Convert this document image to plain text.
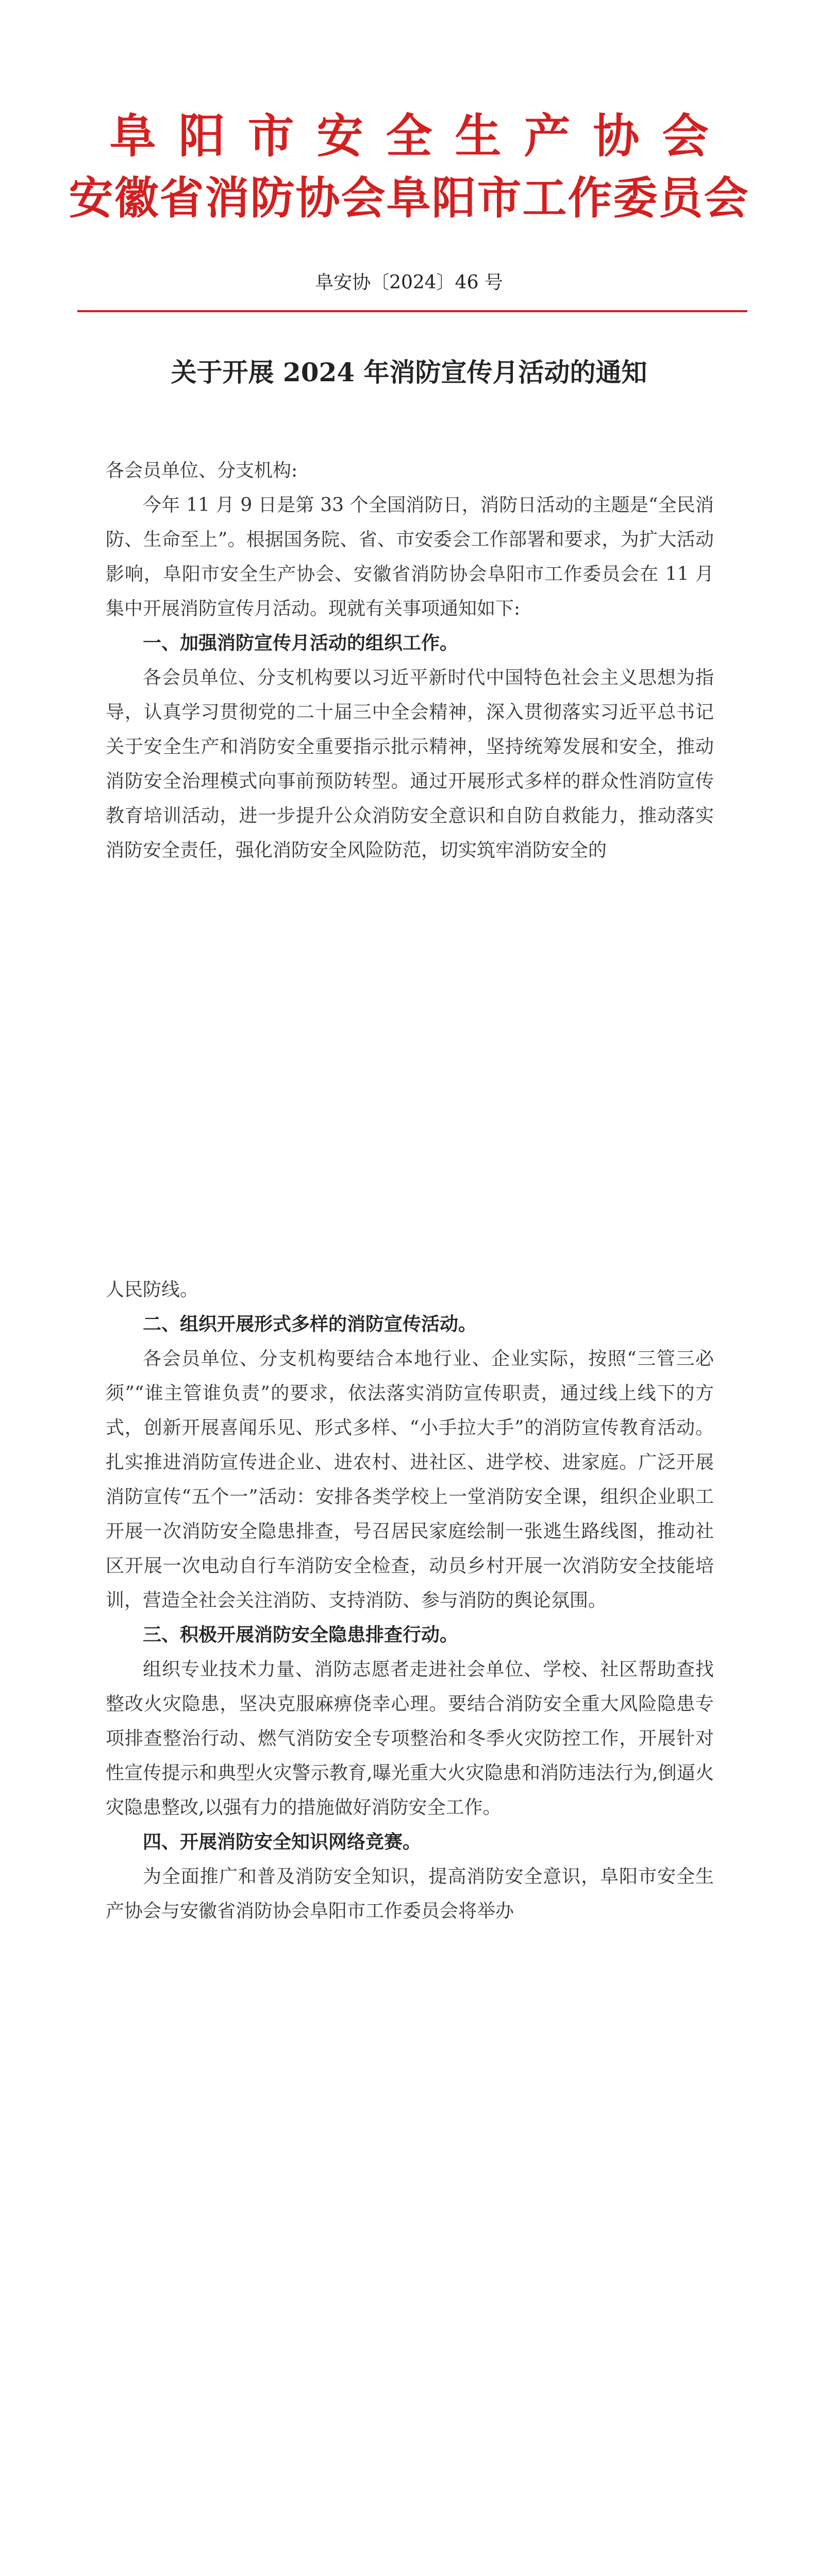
阜阳市安全生产协会
安徽省消防协会阜阳市工作委员会
阜安协〔2024〕46 号
关于开展 2024 年消防宣传月活动的通知

各会员单位、分支机构:

今年 11 月 9 日是第 33 个全国消防日，消防日活动的主题是“全民消防、生命至上”。根据国务院、省、市安委会工作部署和要求，为扩大活动影响，阜阳市安全生产协会、安徽省消防协会阜阳市工作委员会在 11 月集中开展消防宣传月活动。现就有关事项通知如下:

一、加强消防宣传月活动的组织工作。

各会员单位、分支机构要以习近平新时代中国特色社会主义思想为指导，认真学习贯彻党的二十届三中全会精神，深入贯彻落实习近平总书记关于安全生产和消防安全重要指示批示精神，坚持统筹发展和安全，推动消防安全治理模式向事前预防转型。通过开展形式多样的群众性消防宣传教育培训活动，进一步提升公众消防安全意识和自防自救能力，推动落实消防安全责任，强化消防安全风险防范，切实筑牢消防安全的

人民防线。

二、组织开展形式多样的消防宣传活动。

各会员单位、分支机构要结合本地行业、企业实际，按照“三管三必须”“谁主管谁负责”的要求，依法落实消防宣传职责，通过线上线下的方式，创新开展喜闻乐见、形式多样、“小手拉大手”的消防宣传教育活动。扎实推进消防宣传进企业、进农村、进社区、进学校、进家庭。广泛开展消防宣传“五个一”活动：安排各类学校上一堂消防安全课，组织企业职工开展一次消防安全隐患排查，号召居民家庭绘制一张逃生路线图，推动社区开展一次电动自行车消防安全检查，动员乡村开展一次消防安全技能培训，营造全社会关注消防、支持消防、参与消防的舆论氛围。

三、积极开展消防安全隐患排查行动。

组织专业技术力量、消防志愿者走进社会单位、学校、社区帮助查找整改火灾隐患，坚决克服麻痹侥幸心理。要结合消防安全重大风险隐患专项排查整治行动、燃气消防安全专项整治和冬季火灾防控工作，开展针对性宣传提示和典型火灾警示教育,曝光重大火灾隐患和消防违法行为,倒逼火灾隐患整改,以强有力的措施做好消防安全工作。

四、开展消防安全知识网络竞赛。

为全面推广和普及消防安全知识，提高消防安全意识，阜阳市安全生产协会与安徽省消防协会阜阳市工作委员会将举办
